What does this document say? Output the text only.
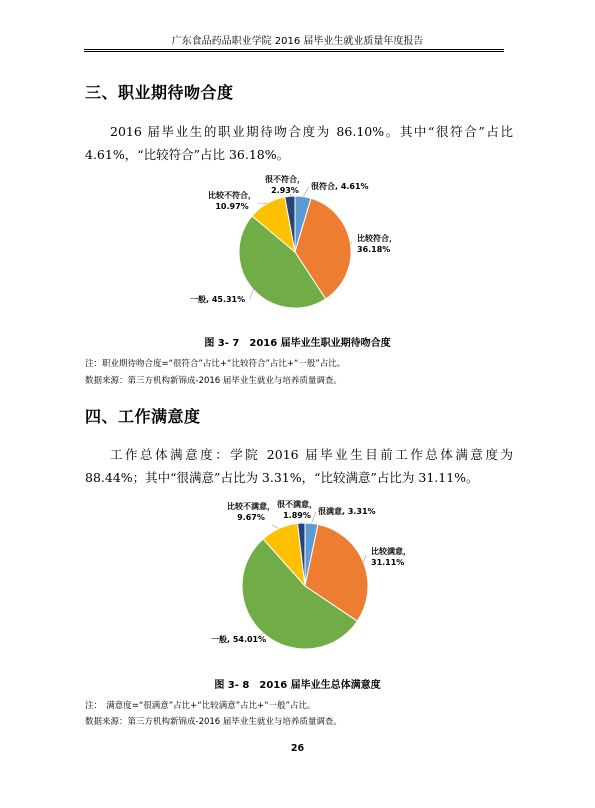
广东食品药品职业学院 2016 届毕业生就业质量年度报告
三、职业期待吻合度
2016 届毕业生的职业期待吻合度为 86.10%。其中“很符合”占比 4.61%，“比较符合”占比 36.18%。
很符合, 4.61%
比较符合， 36.18%
一般, 45.31%
比较不符合， 10.97%
很不符合， 2.93%
图 3- 7　2016 届毕业生职业期待吻合度
注：职业期待吻合度=“很符合”占比+“比较符合”占比+“一般”占比。
数据来源：第三方机构新锦成-2016 届毕业生就业与培养质量调查。
四、工作满意度
工作总体满意度：学院 2016 届毕业生目前工作总体满意度为 88.44%；其中“很满意”占比为 3.31%，“比较满意”占比为 31.11%。
很满意, 3.31%
比较满意， 31.11%
一般, 54.01%
比较不满意， 9.67%
很不满意， 1.89%
图 3- 8　2016 届毕业生总体满意度
注：　满意度=“很满意”占比+“比较满意”占比+“一般”占比。
数据来源：第三方机构新锦成-2016 届毕业生就业与培养质量调查。
26
